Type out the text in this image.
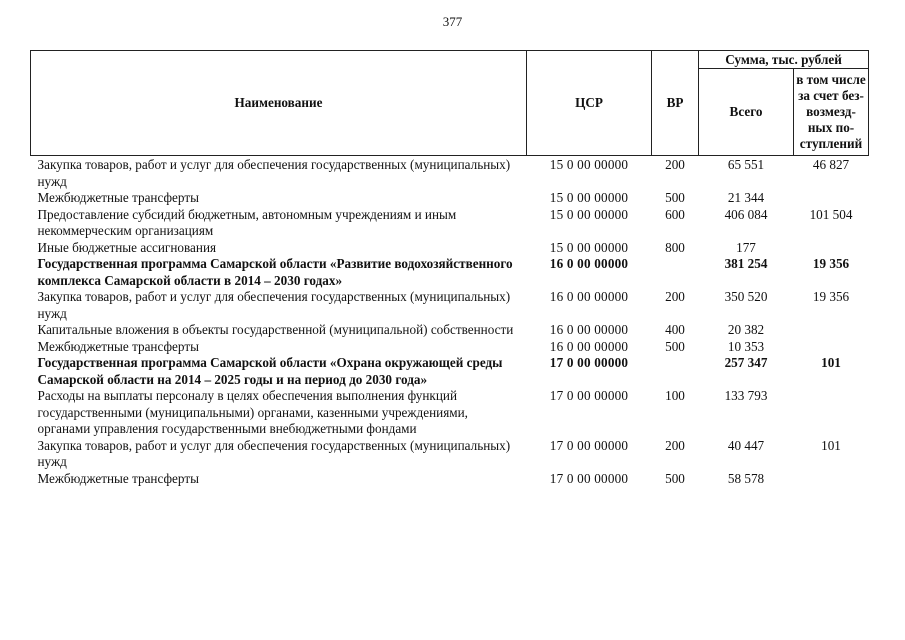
377
Наименование	ЦСР	ВР	Сумма, тыс. рублей	
			Всего	в том числе за счет без-возмезд-ных по-ступлений
Закупка товаров, работ и услуг для обеспечения государственных (муниципальных) нужд	15 0 00 00000	200	65 551	46 827
Межбюджетные трансферты	15 0 00 00000	500	21 344	
Предоставление субсидий бюджетным, автономным учреждениям и иным некоммерческим организациям	15 0 00 00000	600	406 084	101 504
Иные бюджетные ассигнования	15 0 00 00000	800	177	
Государственная программа Самарской области «Развитие водохозяйственного комплекса Самарской области в 2014 – 2030 годах»	16 0 00 00000		381 254	19 356
Закупка товаров, работ и услуг для обеспечения государственных (муниципальных) нужд	16 0 00 00000	200	350 520	19 356
Капитальные вложения в объекты государственной (муниципальной) собственности	16 0 00 00000	400	20 382	
Межбюджетные трансферты	16 0 00 00000	500	10 353	
Государственная программа Самарской области «Охрана окружающей среды Самарской области на 2014 – 2025 годы и на период до 2030 года»	17 0 00 00000		257 347	101
Расходы на выплаты персоналу в целях обеспечения выполнения функций государственными (муниципальными) органами, казенными учреждениями, органами управления государственными внебюджетными фондами	17 0 00 00000	100	133 793	
Закупка товаров, работ и услуг для обеспечения государственных (муниципальных) нужд	17 0 00 00000	200	40 447	101
Межбюджетные трансферты	17 0 00 00000	500	58 578	
